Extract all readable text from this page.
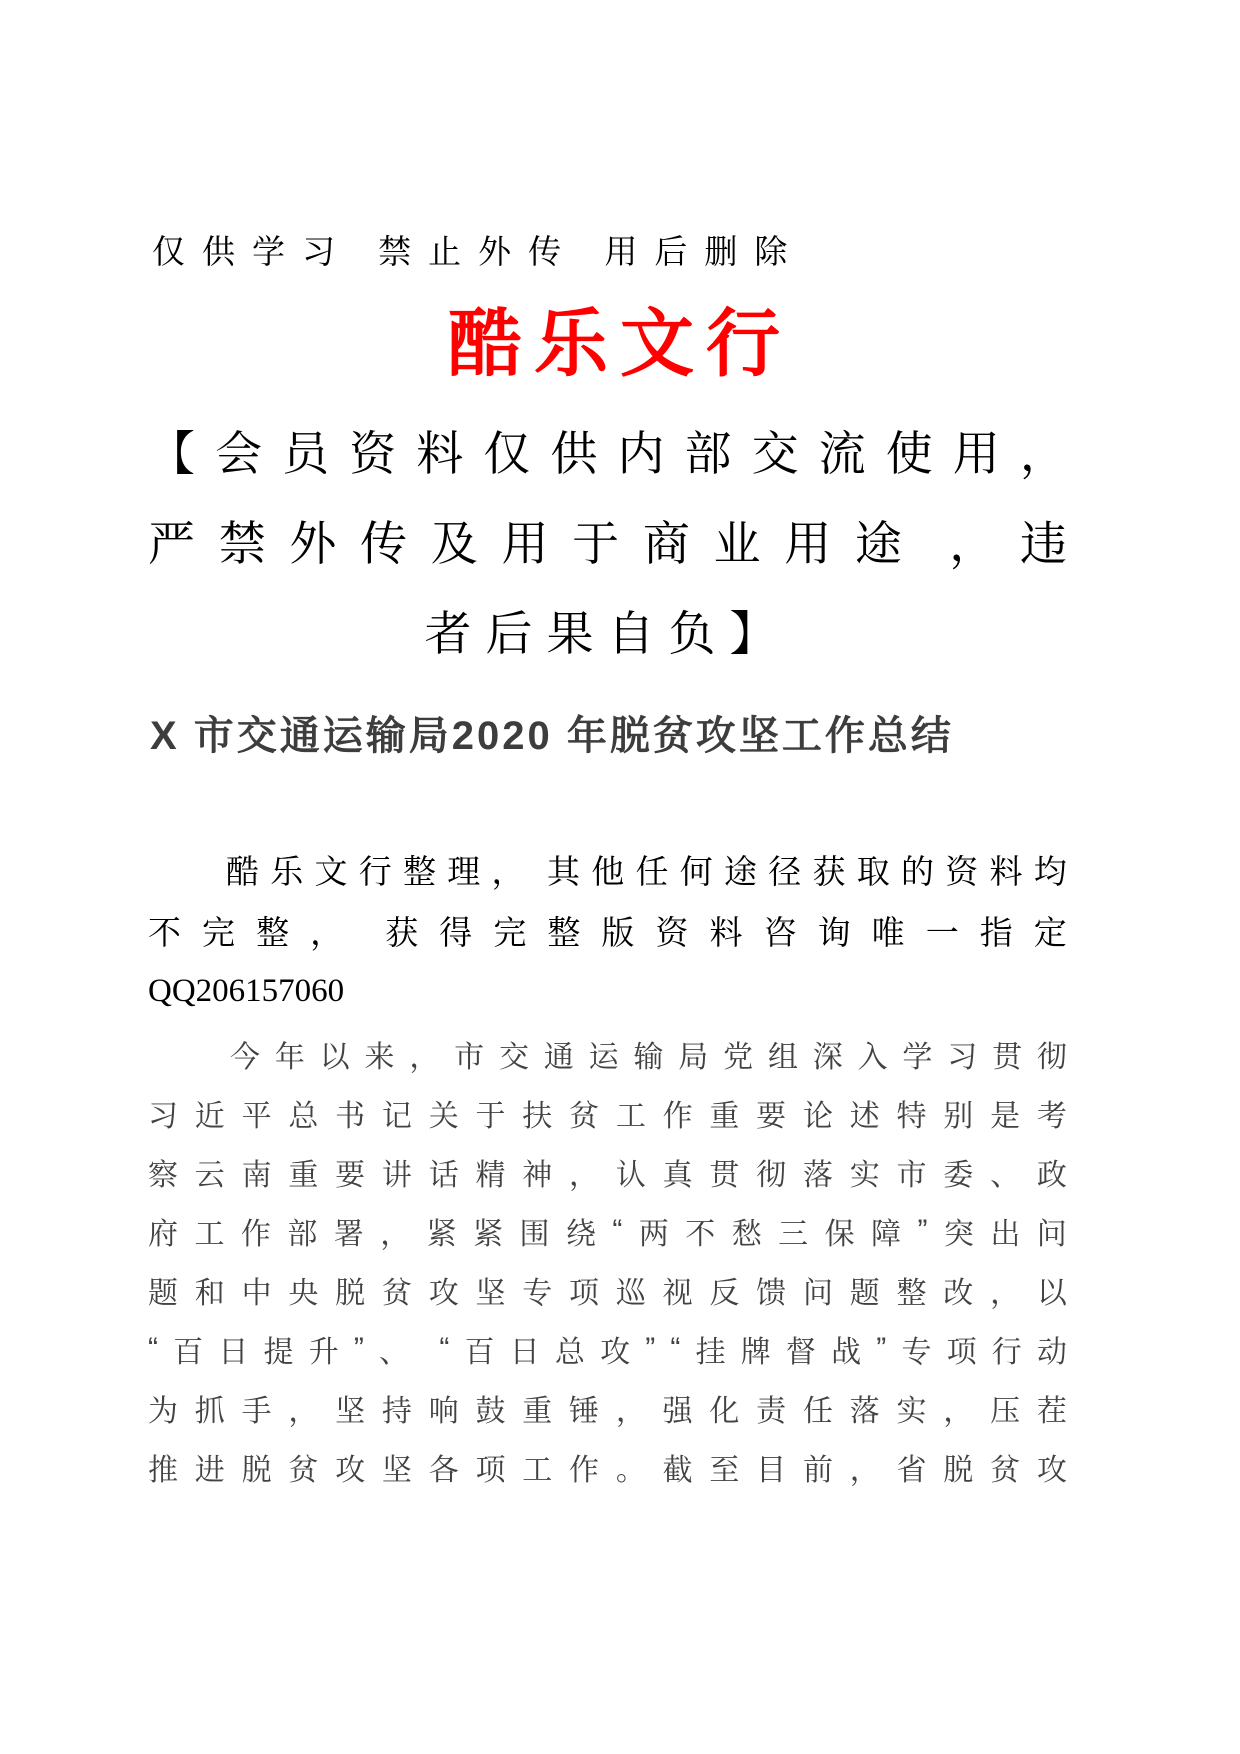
仅供学习 禁止外传 用后删除
酷乐文行
【 会 员 资 料 仅 供 内 部 交 流 使 用 ，
严 禁 外 传 及 用 于 商 业 用 途 ， 违
者后果自负】
X 市交通运输局2020 年脱贫攻坚工作总结
酷 乐 文 行 整 理 ， 其 他 任 何 途 径 获 取 的 资 料 均
不 完 整 ， 获 得 完 整 版 资 料 咨 询 唯 一 指 定
QQ206157060
今 年 以 来 ， 市 交 通 运 输 局 党 组 深 入 学 习 贯 彻
习 近 平 总 书 记 关 于 扶 贫 工 作 重 要 论 述 特 别 是 考
察 云 南 重 要 讲 话 精 神 ， 认 真 贯 彻 落 实 市 委 、 政
府 工 作 部 署 ， 紧 紧 围 绕 “ 两 不 愁 三 保 障 ” 突 出 问
题 和 中 央 脱 贫 攻 坚 专 项 巡 视 反 馈 问 题 整 改 ， 以
“ 百 日 提 升 ” 、 “ 百 日 总 攻 ” “ 挂 牌 督 战 ” 专 项 行 动
为 抓 手 ， 坚 持 响 鼓 重 锤 ， 强 化 责 任 落 实 ， 压 茬
推 进 脱 贫 攻 坚 各 项 工 作 。 截 至 目 前 ， 省 脱 贫 攻
